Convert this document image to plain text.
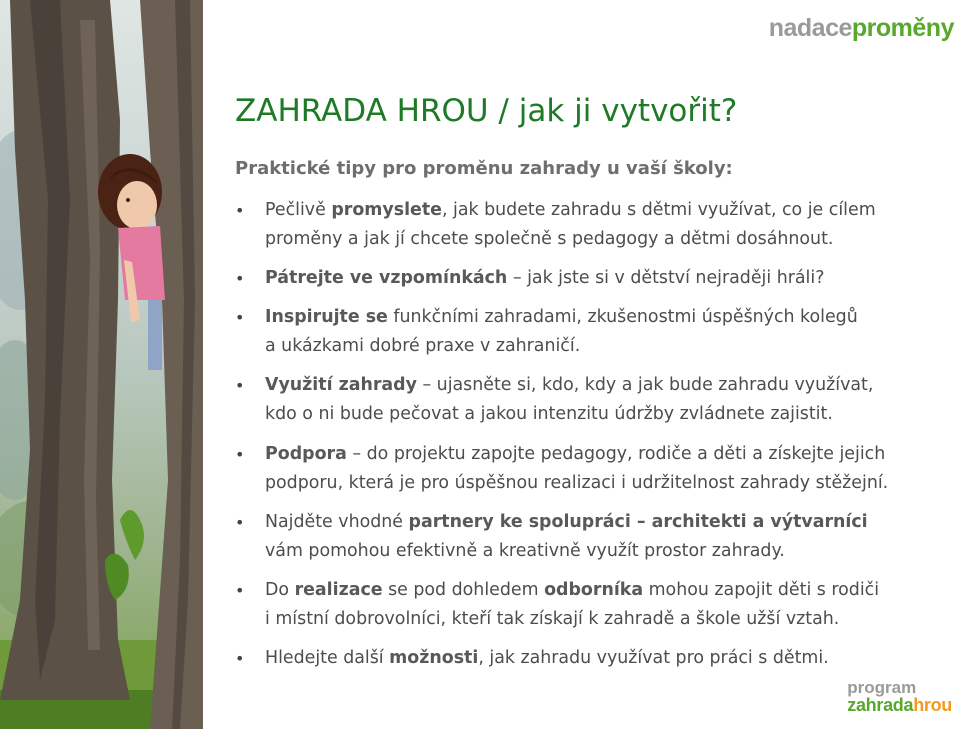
nadaceproměny
ZAHRADA HROU / jak ji vytvořit?
Praktické tipy pro proměnu zahrady u vaší školy:
• Pečlivě promyslete, jak budete zahradu s dětmi využívat, co je cílem
proměny a jak jí chcete společně s pedagogy a dětmi dosáhnout.
• Pátrejte ve vzpomínkách – jak jste si v dětství nejraději hráli?
• Inspirujte se funkčními zahradami, zkušenostmi úspěšných kolegů
a ukázkami dobré praxe v zahraničí.
• Využití zahrady – ujasněte si, kdo, kdy a jak bude zahradu využívat,
kdo o ni bude pečovat a jakou intenzitu údržby zvládnete zajistit.
• Podpora – do projektu zapojte pedagogy, rodiče a děti a získejte jejich
podporu, která je pro úspěšnou realizaci i udržitelnost zahrady stěžejní.
• Najděte vhodné partnery ke spolupráci – architekti a výtvarníci
vám pomohou efektivně a kreativně využít prostor zahrady.
• Do realizace se pod dohledem odborníka mohou zapojit děti s rodiči
i místní dobrovolníci, kteří tak získají k zahradě a škole užší vztah.
• Hledejte další možnosti, jak zahradu využívat pro práci s dětmi.
program
zahradahrou
